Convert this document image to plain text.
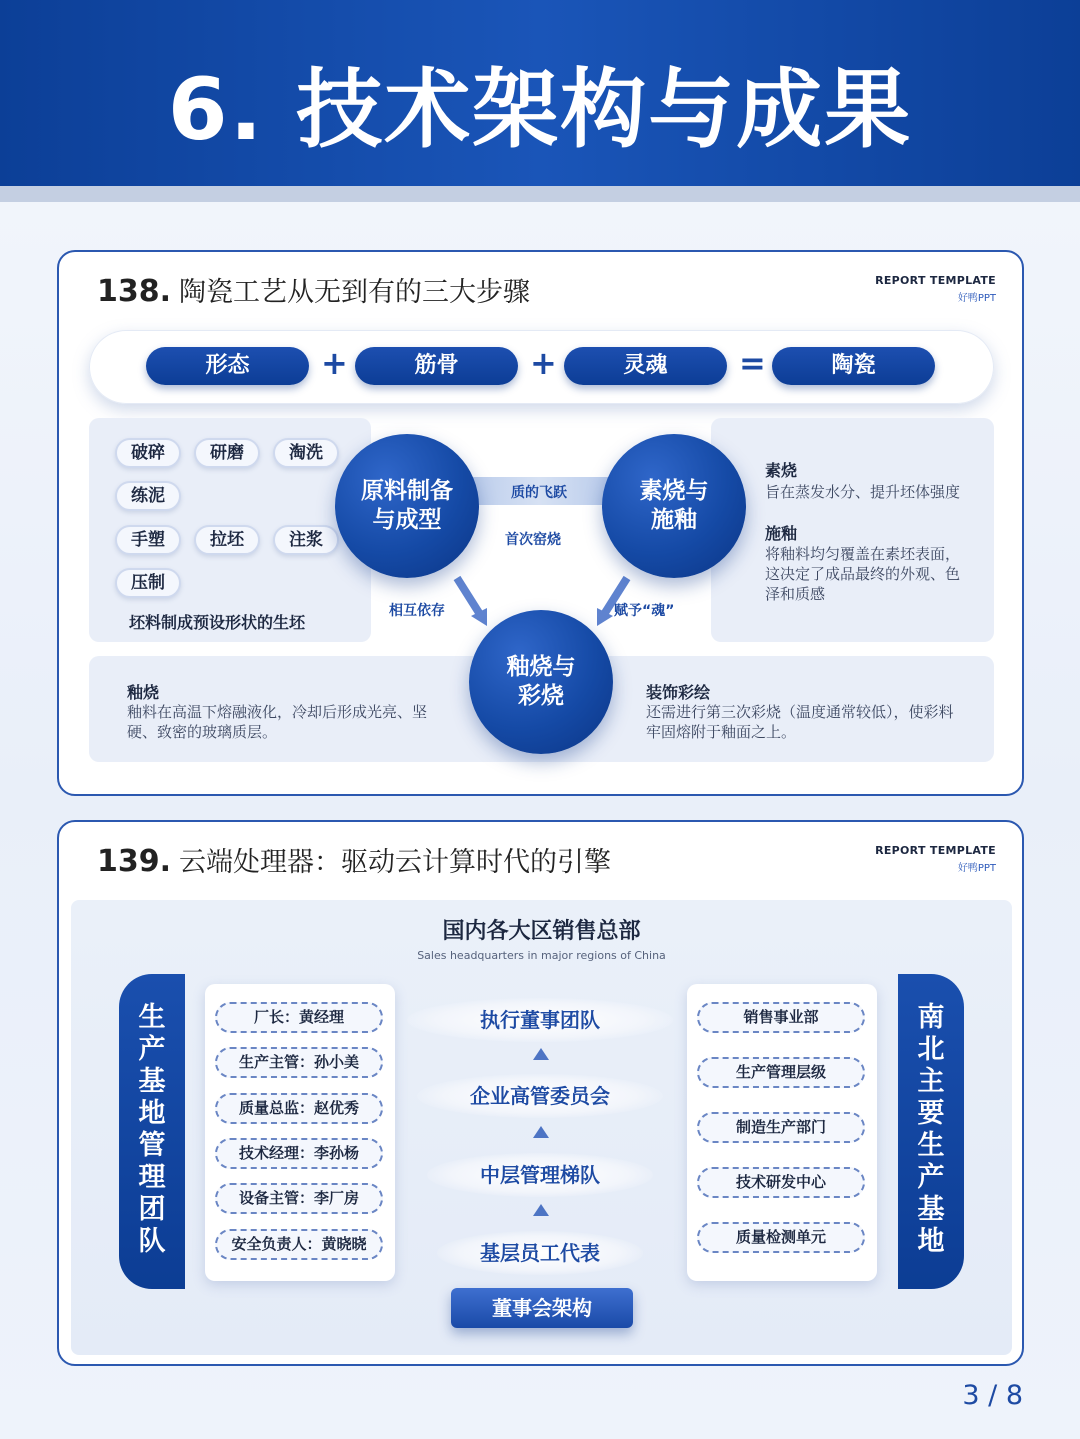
6. 技术架构与成果
138. 陶瓷工艺从无到有的三大步骤	REPORT TEMPLATE
好鸭PPT
形态	+	筋骨	+	灵魂	=	陶瓷
破碎	研磨	淘洗
练泥
手塑	拉坯	注浆
压制
坯料制成预设形状的生坯
素烧
旨在蒸发水分、提升坯体强度
施釉
将釉料均匀覆盖在素坯表面，这决定了成品最终的外观、色泽和质感
釉烧
釉料在高温下熔融液化，冷却后形成光亮、坚硬、致密的玻璃质层。
装饰彩绘
还需进行第三次彩烧（温度通常较低），使彩料牢固熔附于釉面之上。
质的飞跃
首次窑烧
相互依存	赋予“魂”
原料制备
与成型
素烧与
施釉
釉烧与
彩烧
139. 云端处理器：驱动云计算时代的引擎	REPORT TEMPLATE
好鸭PPT
国内各大区销售总部
Sales headquarters in major regions of China
生产基地管理团队
南北主要生产基地
厂长：黄经理
生产主管：孙小美
质量总监：赵优秀
技术经理：李孙杨
设备主管：李厂房
安全负责人：黄晓晓
销售事业部
生产管理层级
制造生产部门
技术研发中心
质量检测单元
执行董事团队
企业高管委员会
中层管理梯队
基层员工代表
董事会架构
3 / 8
